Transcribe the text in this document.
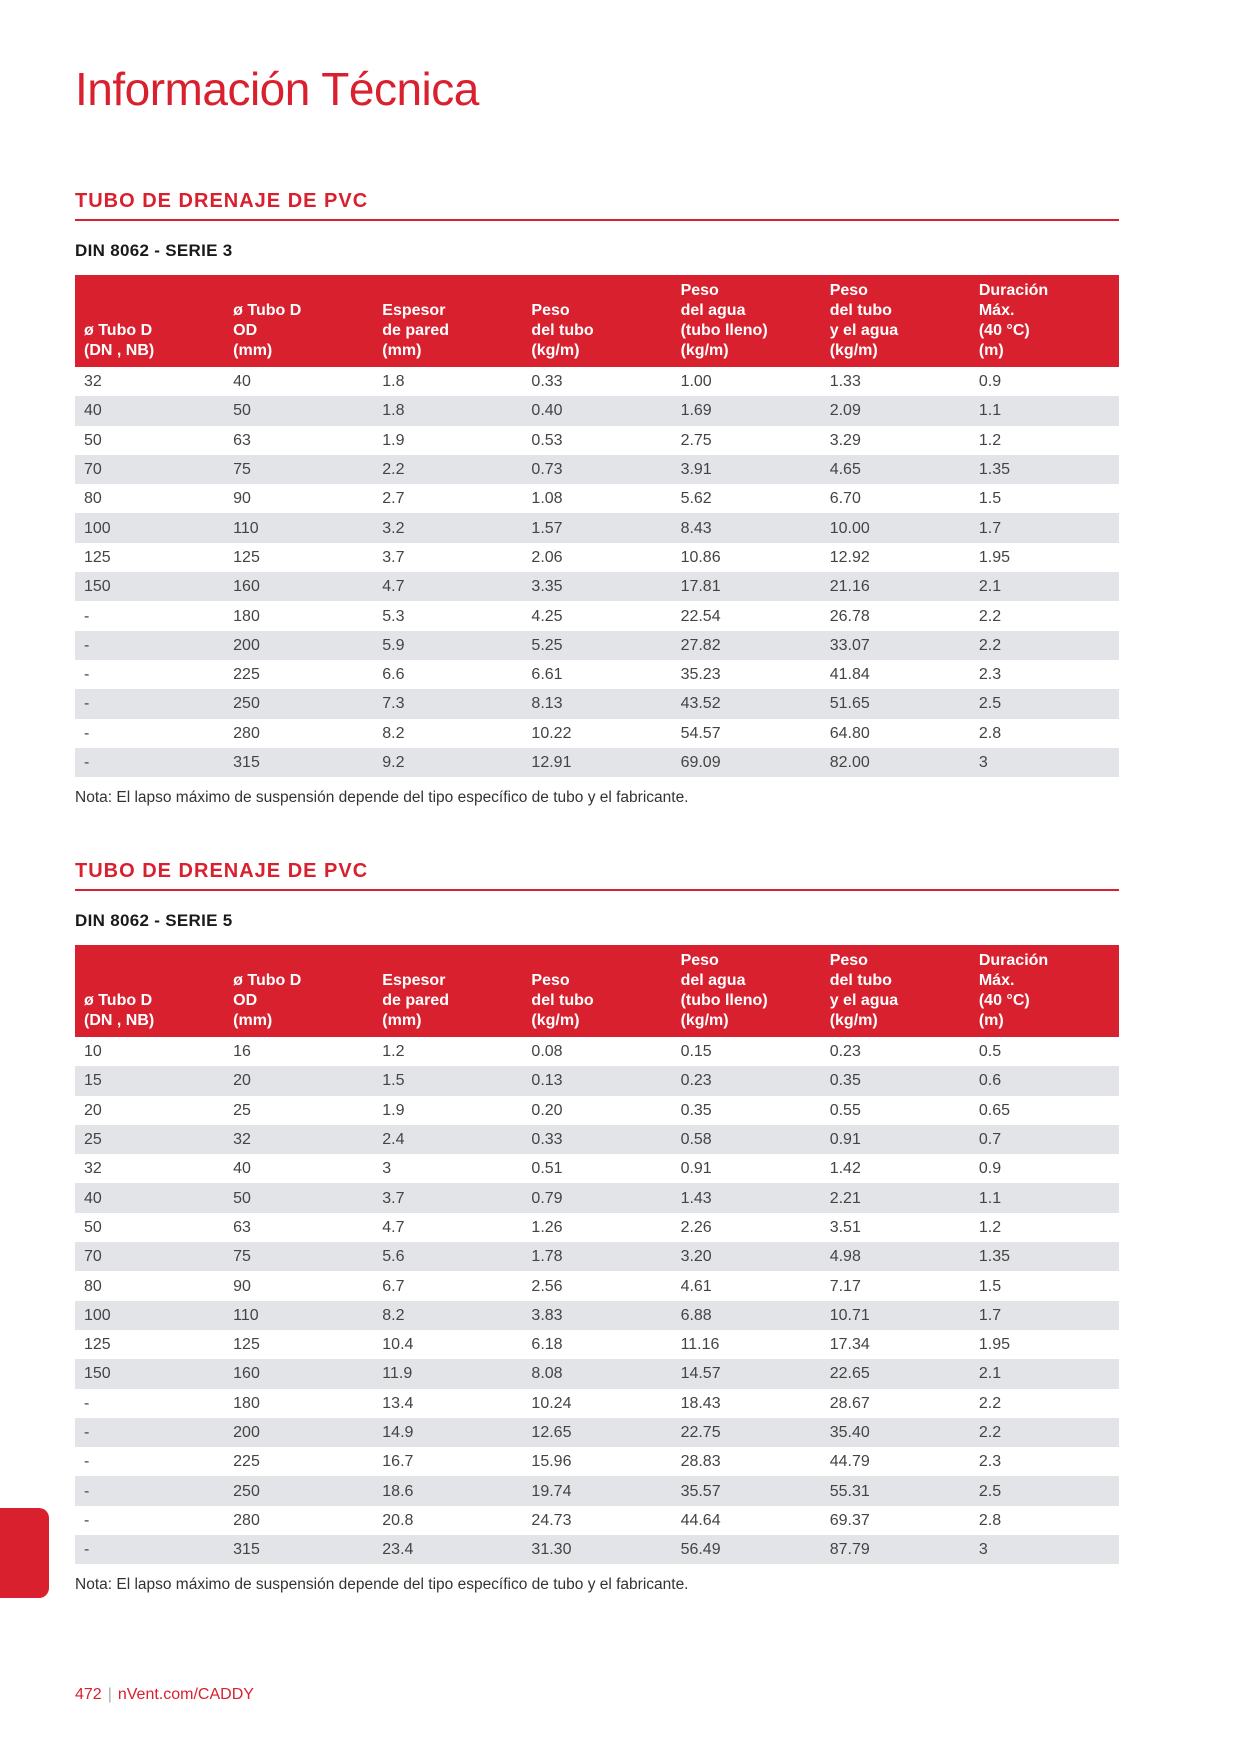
Información Técnica
TUBO DE DRENAJE DE PVC
DIN 8062 - SERIE 3
ø Tubo D
(DN , NB)	ø Tubo D
OD
(mm)	Espesor
de pared
(mm)	Peso
del tubo
(kg/m)	Peso
del agua
(tubo lleno)
(kg/m)	Peso
del tubo
y el agua
(kg/m)	Duración
Máx.
(40 °C)
(m)

32	40	1.8	0.33	1.00	1.33	0.9
40	50	1.8	0.40	1.69	2.09	1.1
50	63	1.9	0.53	2.75	3.29	1.2
70	75	2.2	0.73	3.91	4.65	1.35
80	90	2.7	1.08	5.62	6.70	1.5
100	110	3.2	1.57	8.43	10.00	1.7
125	125	3.7	2.06	10.86	12.92	1.95
150	160	4.7	3.35	17.81	21.16	2.1
-	180	5.3	4.25	22.54	26.78	2.2
-	200	5.9	5.25	27.82	33.07	2.2
-	225	6.6	6.61	35.23	41.84	2.3
-	250	7.3	8.13	43.52	51.65	2.5
-	280	8.2	10.22	54.57	64.80	2.8
-	315	9.2	12.91	69.09	82.00	3

Nota: El lapso máximo de suspensión depende del tipo específico de tubo y el fabricante.

TUBO DE DRENAJE DE PVC
DIN 8062 - SERIE 5
ø Tubo D
(DN , NB)	ø Tubo D
OD
(mm)	Espesor
de pared
(mm)	Peso
del tubo
(kg/m)	Peso
del agua
(tubo lleno)
(kg/m)	Peso
del tubo
y el agua
(kg/m)	Duración
Máx.
(40 °C)
(m)

10	16	1.2	0.08	0.15	0.23	0.5
15	20	1.5	0.13	0.23	0.35	0.6
20	25	1.9	0.20	0.35	0.55	0.65
25	32	2.4	0.33	0.58	0.91	0.7
32	40	3	0.51	0.91	1.42	0.9
40	50	3.7	0.79	1.43	2.21	1.1
50	63	4.7	1.26	2.26	3.51	1.2
70	75	5.6	1.78	3.20	4.98	1.35
80	90	6.7	2.56	4.61	7.17	1.5
100	110	8.2	3.83	6.88	10.71	1.7
125	125	10.4	6.18	11.16	17.34	1.95
150	160	11.9	8.08	14.57	22.65	2.1
-	180	13.4	10.24	18.43	28.67	2.2
-	200	14.9	12.65	22.75	35.40	2.2
-	225	16.7	15.96	28.83	44.79	2.3
-	250	18.6	19.74	35.57	55.31	2.5
-	280	20.8	24.73	44.64	69.37	2.8
-	315	23.4	31.30	56.49	87.79	3

Nota: El lapso máximo de suspensión depende del tipo específico de tubo y el fabricante.

472 | nVent.com/CADDY
